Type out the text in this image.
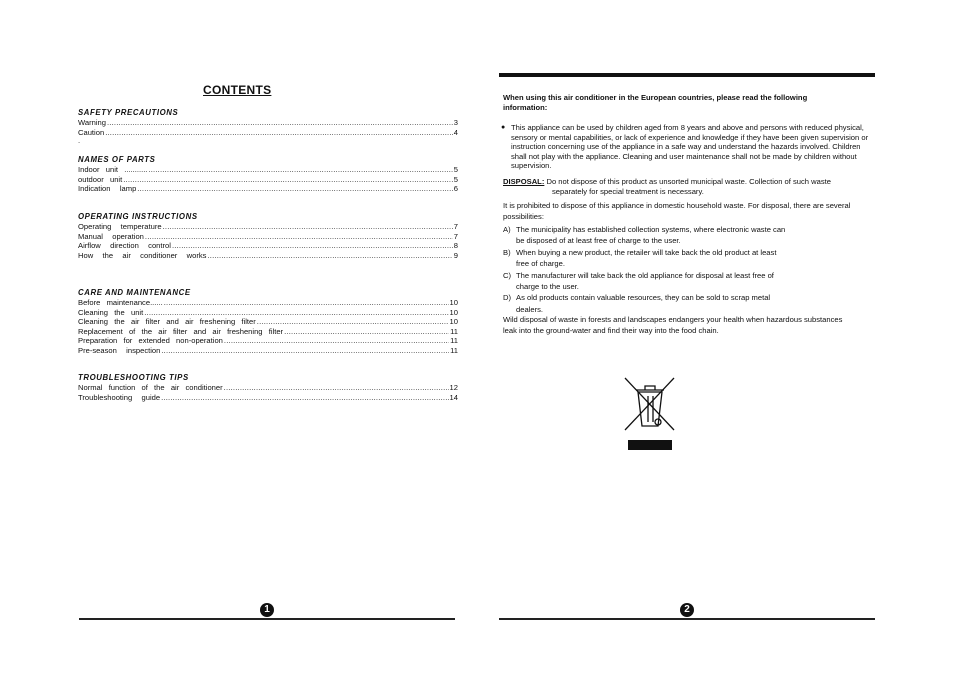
CONTENTS
SAFETY PRECAUTIONS
Warning .....	3
Caution .....	4
.
NAMES OF PARTS
Indoor  unit  ........... .....	5
outdoor  unit .....	5
Indication   lamp .....	6
OPERATING INSTRUCTIONS
Operating   temperature .....	7
Manual   operation .....	7
Airflow   direction   control .....	8
How   the   air   conditioner   works .....	9
CARE AND MAINTENANCE
Before  maintenance...... .....	10
Cleaning  the  unit .....	10
Cleaning  the  air  filter  and  air  freshening  filter .....	10
Replacement  of  the  air  filter  and  air  freshening  filter .....	11
Preparation  for  extended  non-operation .....	11
Pre-season   inspection .....	11
TROUBLESHOOTING TIPS
Normal  function  of  the  air  conditioner .....	12
Troubleshooting   guide .....	14
1
When using this air conditioner in the European countries, please read the following information:
● This appliance can be used by children aged from 8 years and above and persons with reduced physical, sensory or mental capabilities, or lack of experience and knowledge if they have been given supervision or instruction concerning use of the appliance in a safe way and understand the hazards involved. Children shall not play with the appliance. Cleaning and user maintenance shall not be made by children without supervision.
DISPOSAL: Do not dispose of this product as unsorted municipal waste. Collection of such waste
separately for special treatment is necessary.
It is prohibited to dispose of this appliance in domestic household waste. For disposal, there are several possibilities:
A) The municipality has established collection systems, where electronic waste can
be disposed of at least free of charge to the user.
B) When buying a new product, the retailer will take back the old product at least
free of charge.
C) The manufacturer will take back the old appliance for disposal at least free of
charge to the user.
D) As old products contain valuable resources, they can be sold to scrap metal
dealers.
Wild disposal of waste in forests and landscapes endangers your health when hazardous substances leak into the ground-water and find their way into the food chain.
2
